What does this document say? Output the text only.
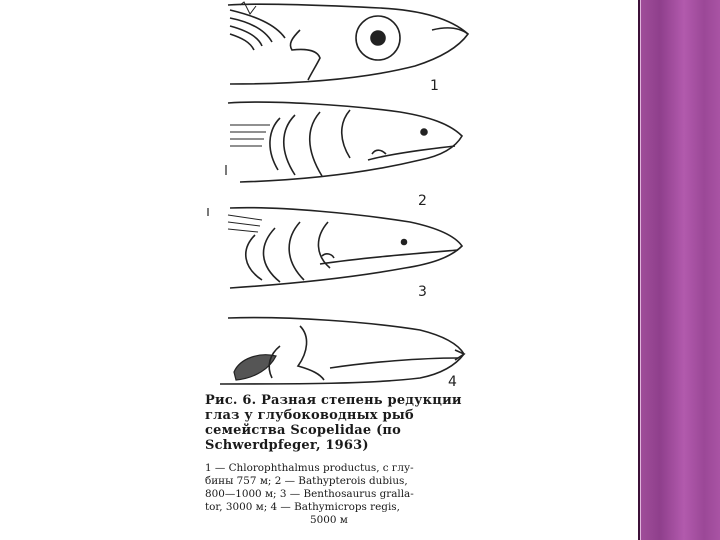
1
2
3
4
Рис. 6. Разная степень редукции глаз у глубоководных рыб семейства Scopelidae (по Schwerdpfeger, 1963)
1 — Chlorophthalmus productus, с глу-
бины 757 м; 2 — Bathypterois dubius,
800—1000 м; 3 — Benthosaurus gralla-
tor, 3000 м; 4 — Bathymicrops regis,
5000 м
